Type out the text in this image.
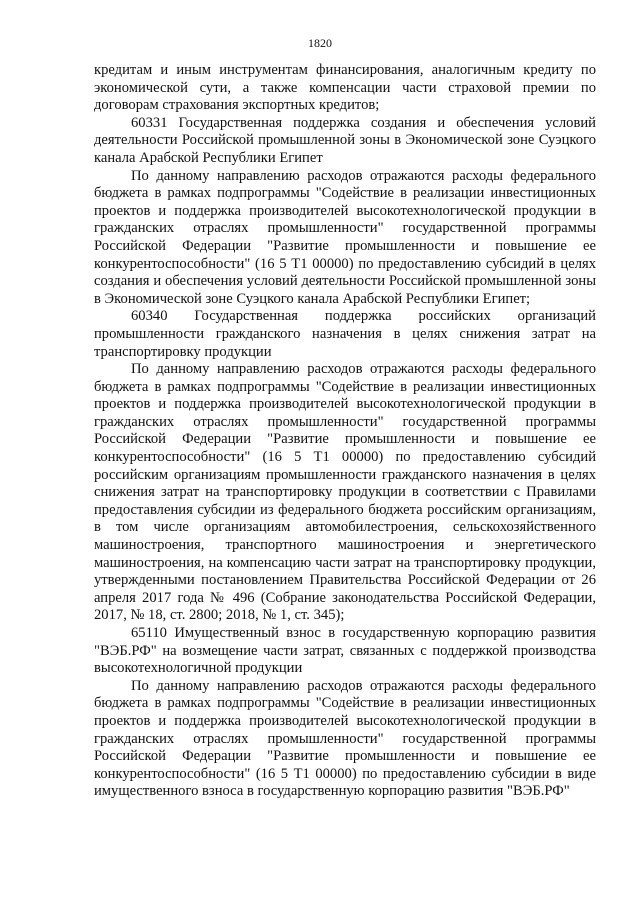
1820

кредитам и иным инструментам финансирования, аналогичным кредиту по экономической сути, а также компенсации части страховой премии по договорам страхования экспортных кредитов;

60331 Государственная поддержка создания и обеспечения условий деятельности Российской промышленной зоны в Экономической зоне Суэцкого канала Арабской Республики Египет

По данному направлению расходов отражаются расходы федерального бюджета в рамках подпрограммы "Содействие в реализации инвестиционных проектов и поддержка производителей высокотехнологической продукции в гражданских отраслях промышленности" государственной программы Российской Федерации "Развитие промышленности и повышение ее конкурентоспособности" (16 5 Т1 00000) по предоставлению субсидий в целях создания и обеспечения условий деятельности Российской промышленной зоны в Экономической зоне Суэцкого канала Арабской Республики Египет;

60340 Государственная поддержка российских организаций промышленности гражданского назначения в целях снижения затрат на транспортировку продукции

По данному направлению расходов отражаются расходы федерального бюджета в рамках подпрограммы "Содействие в реализации инвестиционных проектов и поддержка производителей высокотехнологической продукции в гражданских отраслях промышленности" государственной программы Российской Федерации "Развитие промышленности и повышение ее конкурентоспособности" (16 5 Т1 00000) по предоставлению субсидий российским организациям промышленности гражданского назначения в целях снижения затрат на транспортировку продукции в соответствии с Правилами предоставления субсидии из федерального бюджета российским организациям, в том числе организациям автомобилестроения, сельскохозяйственного машиностроения, транспортного машиностроения и энергетического машиностроения, на компенсацию части затрат на транспортировку продукции, утвержденными постановлением Правительства Российской Федерации от 26 апреля 2017 года № 496 (Собрание законодательства Российской Федерации, 2017, № 18, ст. 2800; 2018, № 1, ст. 345);

65110 Имущественный взнос в государственную корпорацию развития "ВЭБ.РФ" на возмещение части затрат, связанных с поддержкой производства высокотехнологичной продукции

По данному направлению расходов отражаются расходы федерального бюджета в рамках подпрограммы "Содействие в реализации инвестиционных проектов и поддержка производителей высокотехнологической продукции в гражданских отраслях промышленности" государственной программы Российской Федерации "Развитие промышленности и повышение ее конкурентоспособности" (16 5 Т1 00000) по предоставлению субсидии в виде имущественного взноса в государственную корпорацию развития "ВЭБ.РФ"
